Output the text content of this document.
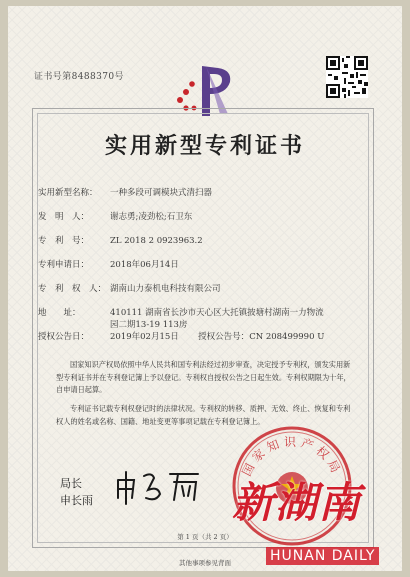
证书号第8488370号
实用新型专利证书
实用新型名称： 一种多段可调模块式清扫器
发　明　人： 谢志勇;凌劲松;石卫东
专　利　号： ZL 2018 2 0923963.2
专利申请日： 2018年06月14日
专　利　权　人： 湖南山力泰机电科技有限公司
地　　址：	410111 湖南省长沙市天心区大托镇披塘村湖南一力物流
园二期13-19 113房
授权公告日： 2019年02月15日 授权公告号：CN 208499990 U
国家知识产权局依照中华人民共和国专利法经过初步审查，决定授予专利权，颁发实用新型专利证书并在专利登记簿上予以登记。专利权自授权公告之日起生效。专利权期限为十年，自申请日起算。
专利证书记载专利权登记时的法律状况。专利权的转移、质押、无效、终止、恢复和专利权人的姓名或名称、国籍、地址变更等事项记载在专利登记簿上。
局长
申长雨
国家知识产权局
第 1 页（共 2 页）
其他事项参见背面
新湖南
HUNAN DAILY
